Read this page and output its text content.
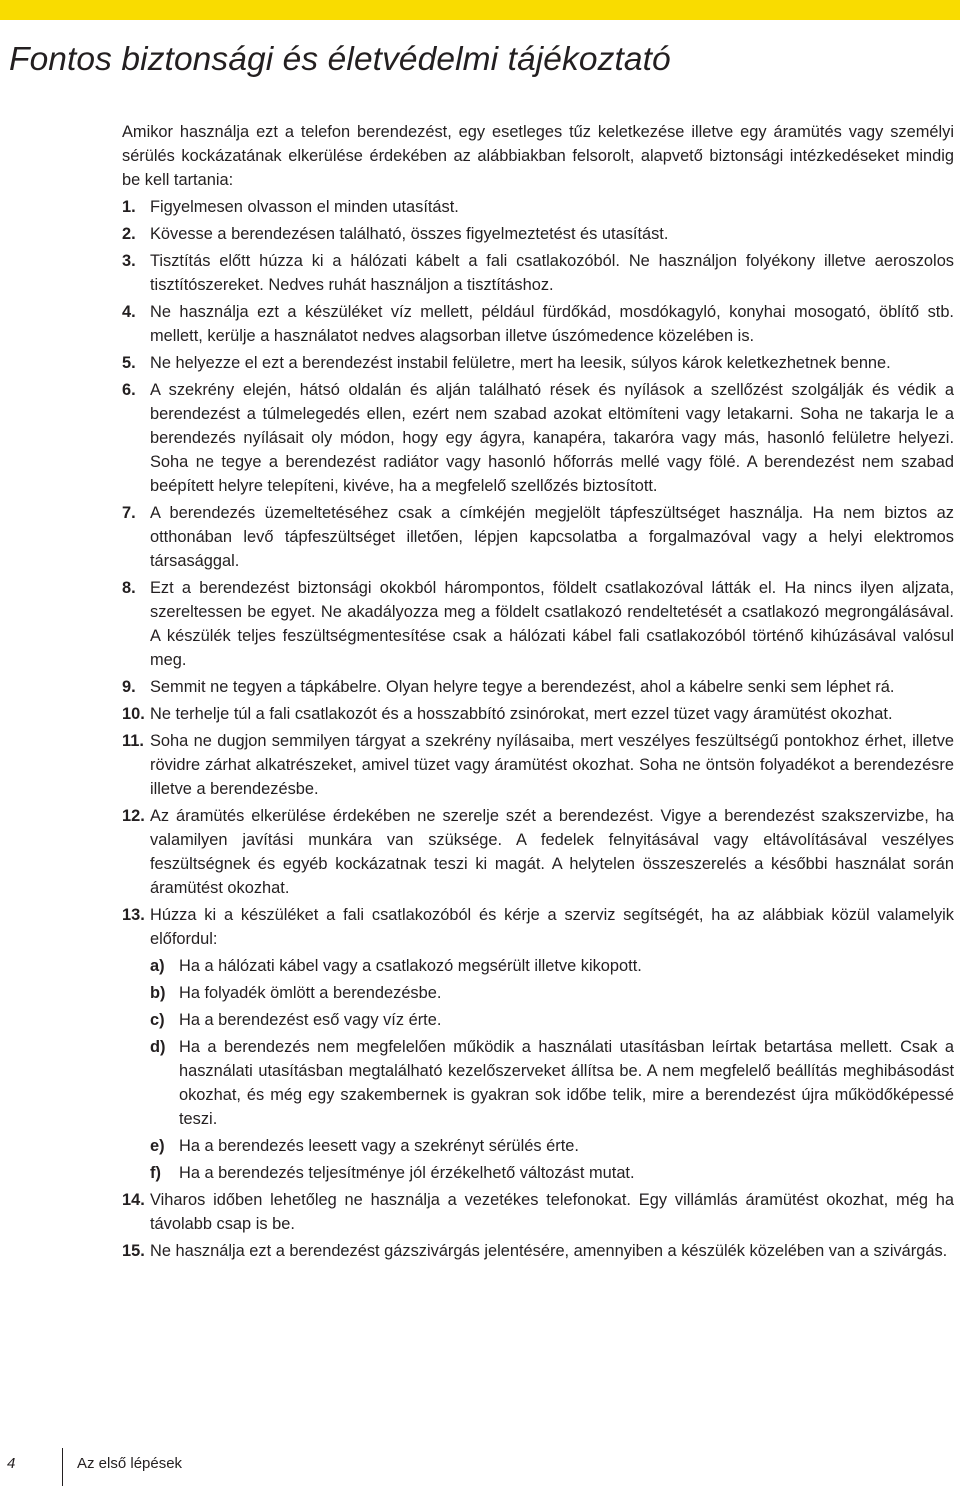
Fontos biztonsági és életvédelmi tájékoztató

Amikor használja ezt a telefon berendezést, egy esetleges tűz keletkezése illetve egy áramütés vagy személyi sérülés kockázatának elkerülése érdekében az alábbiakban felsorolt, alapvető biztonsági intézkedéseket mindig be kell tartania:

1. Figyelmesen olvasson el minden utasítást.
2. Kövesse a berendezésen található, összes figyelmeztetést és utasítást.
3. Tisztítás előtt húzza ki a hálózati kábelt a fali csatlakozóból. Ne használjon folyékony illetve aeroszolos tisztítószereket. Nedves ruhát használjon a tisztításhoz.
4. Ne használja ezt a készüléket víz mellett, például fürdőkád, mosdókagyló, konyhai mosogató, öblítő stb. mellett, kerülje a használatot nedves alagsorban illetve úszómedence közelében is.
5. Ne helyezze el ezt a berendezést instabil felületre, mert ha leesik, súlyos károk keletkezhetnek benne.
6. A szekrény elején, hátsó oldalán és alján található rések és nyílások a szellőzést szolgálják és védik a berendezést a túlmelegedés ellen, ezért nem szabad azokat eltömíteni vagy letakarni. Soha ne takarja le a berendezés nyílásait oly módon, hogy egy ágyra, kanapéra, takaróra vagy más, hasonló felületre helyezi. Soha ne tegye a berendezést radiátor vagy hasonló hőforrás mellé vagy fölé. A berendezést nem szabad beépített helyre telepíteni, kivéve, ha a megfelelő szellőzés biztosított.
7. A berendezés üzemeltetéséhez csak a címkéjén megjelölt tápfeszültséget használja. Ha nem biztos az otthonában levő tápfeszültséget illetően, lépjen kapcsolatba a forgalmazóval vagy a helyi elektromos társasággal.
8. Ezt a berendezést biztonsági okokból hárompontos, földelt csatlakozóval látták el. Ha nincs ilyen aljzata, szereltessen be egyet. Ne akadályozza meg a földelt csatlakozó rendeltetését a csatlakozó megrongálásával. A készülék teljes feszültségmentesítése csak a hálózati kábel fali csatlakozóból történő kihúzásával valósul meg.
9. Semmit ne tegyen a tápkábelre. Olyan helyre tegye a berendezést, ahol a kábelre senki sem léphet rá.
10. Ne terhelje túl a fali csatlakozót és a hosszabbító zsinórokat, mert ezzel tüzet vagy áramütést okozhat.
11. Soha ne dugjon semmilyen tárgyat a szekrény nyílásaiba, mert veszélyes feszültségű pontokhoz érhet, illetve rövidre zárhat alkatrészeket, amivel tüzet vagy áramütést okozhat. Soha ne öntsön folyadékot a berendezésre illetve a berendezésbe.
12. Az áramütés elkerülése érdekében ne szerelje szét a berendezést. Vigye a berendezést szakszervizbe, ha valamilyen javítási munkára van szüksége. A fedelek felnyitásával vagy eltávolításával veszélyes feszültségnek és egyéb kockázatnak teszi ki magát. A helytelen összeszerelés a későbbi használat során áramütést okozhat.
13. Húzza ki a készüléket a fali csatlakozóból és kérje a szerviz segítségét, ha az alábbiak közül valamelyik előfordul:
a) Ha a hálózati kábel vagy a csatlakozó megsérült illetve kikopott.
b) Ha folyadék ömlött a berendezésbe.
c) Ha a berendezést eső vagy víz érte.
d) Ha a berendezés nem megfelelően működik a használati utasításban leírtak betartása mellett. Csak a használati utasításban megtalálható kezelőszerveket állítsa be. A nem megfelelő beállítás meghibásodást okozhat, és még egy szakembernek is gyakran sok időbe telik, mire a berendezést újra működőképessé teszi.
e) Ha a berendezés leesett vagy a szekrényt sérülés érte.
f)	Ha a berendezés teljesítménye jól érzékelhető változást mutat.
14. Viharos időben lehetőleg ne használja a vezetékes telefonokat. Egy villámlás áramütést okozhat, még ha távolabb csap is be.
15. Ne használja ezt a berendezést gázszivárgás jelentésére, amennyiben a készülék közelében van a szivárgás.
4	Az első lépések
